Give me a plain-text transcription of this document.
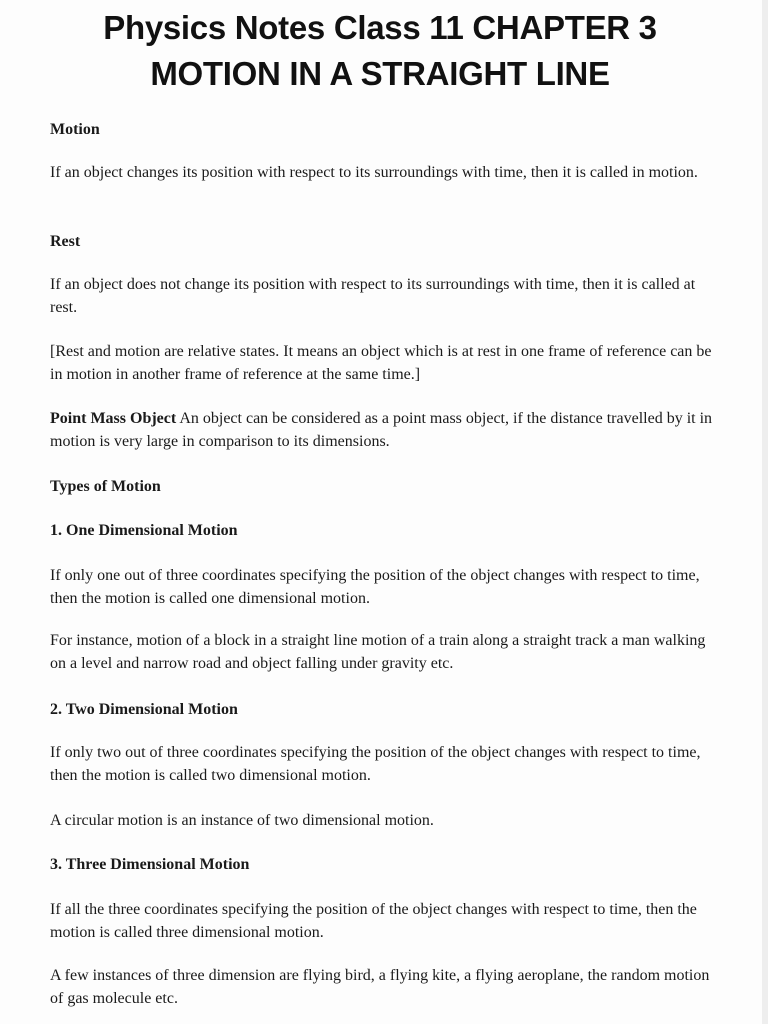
Physics Notes Class 11 CHAPTER 3
MOTION IN A STRAIGHT LINE

Motion

If an object changes its position with respect to its surroundings with time, then it is called in motion.

Rest

If an object does not change its position with respect to its surroundings with time, then it is called at rest.

[Rest and motion are relative states. It means an object which is at rest in one frame of reference can be in motion in another frame of reference at the same time.]

Point Mass Object An object can be considered as a point mass object, if the distance travelled by it in motion is very large in comparison to its dimensions.

Types of Motion

1. One Dimensional Motion

If only one out of three coordinates specifying the position of the object changes with respect to time, then the motion is called one dimensional motion.

For instance, motion of a block in a straight line motion of a train along a straight track a man walking on a level and narrow road and object falling under gravity etc.

2. Two Dimensional Motion

If only two out of three coordinates specifying the position of the object changes with respect to time, then the motion is called two dimensional motion.

A circular motion is an instance of two dimensional motion.

3. Three Dimensional Motion

If all the three coordinates specifying the position of the object changes with respect to time, then the motion is called three dimensional motion.

A few instances of three dimension are flying bird, a flying kite, a flying aeroplane, the random motion of gas molecule etc.
